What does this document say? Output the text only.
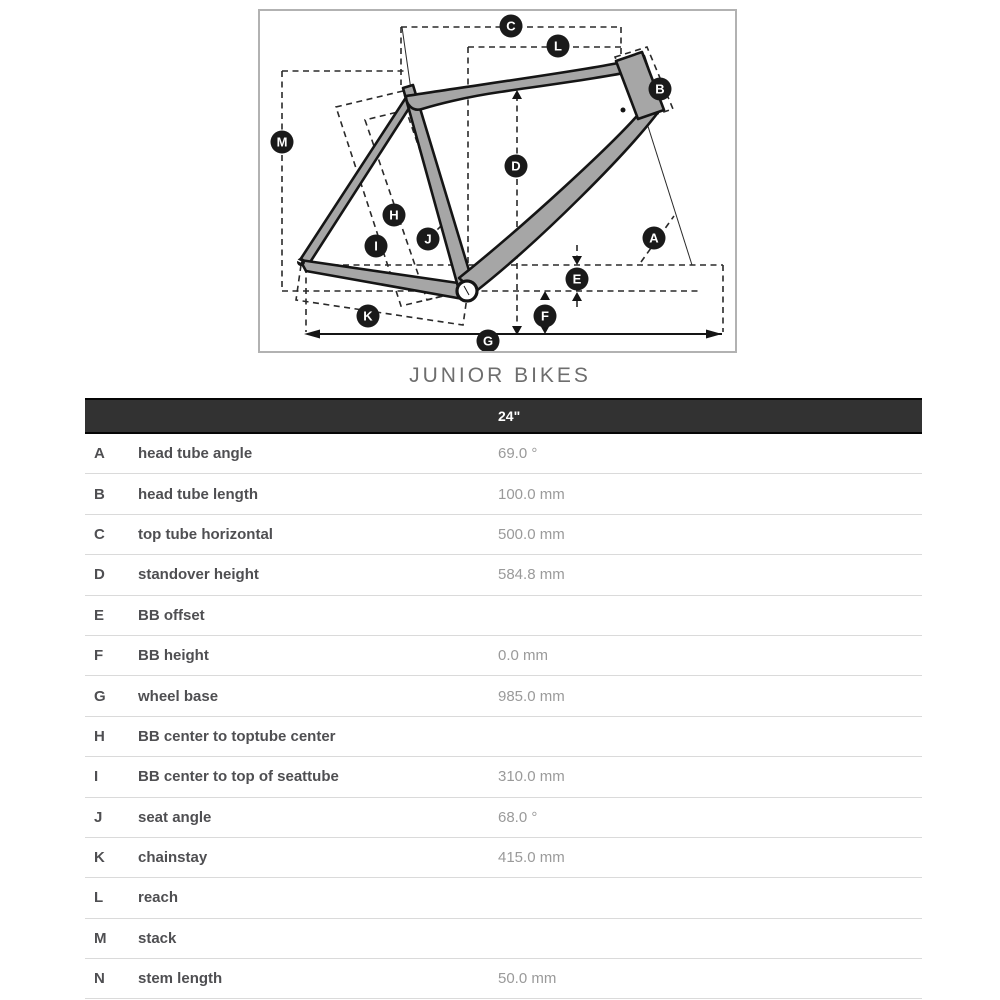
A
B
C
D
E
F
G
H
I	J
K
L
M
JUNIOR BIKES
24"
A	head tube angle	69.0 °
B	head tube length	100.0 mm
C	top tube horizontal	500.0 mm
D	standover height	584.8 mm
E	BB offset
F	BB height	0.0 mm
G	wheel base	985.0 mm
H	BB center to toptube center
I	BB center to top of seattube	310.0 mm
J	seat angle	68.0 °
K	chainstay	415.0 mm
L	reach
M	stack
N	stem length	50.0 mm
